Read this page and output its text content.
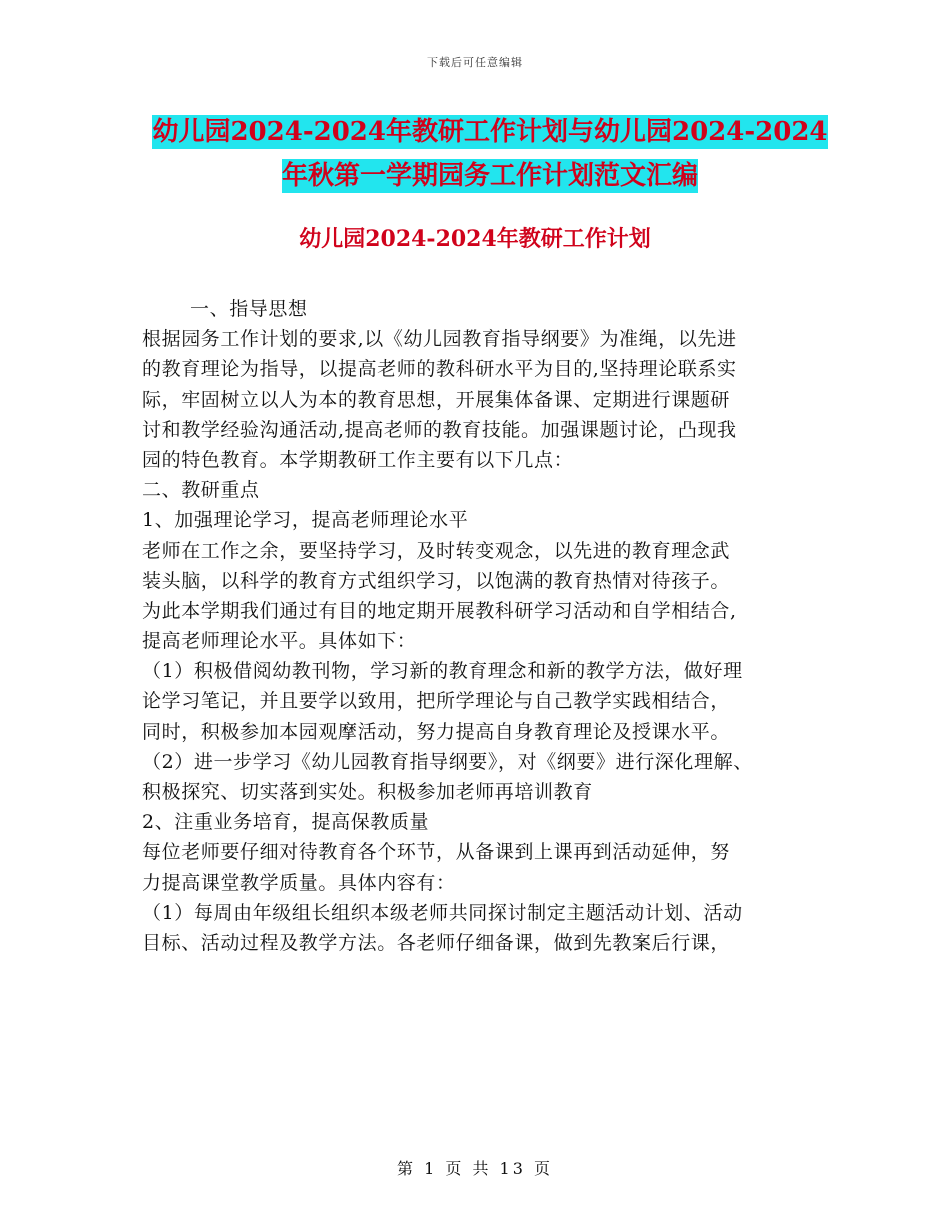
下载后可任意编辑
幼儿园2024-2024年教研工作计划与幼儿园2024-2024
年秋第一学期园务工作计划范文汇编
幼儿园2024-2024年教研工作计划
一、指导思想
根据园务工作计划的要求,以《幼儿园教育指导纲要》为准绳，以先进
的教育理论为指导，以提高老师的教科研水平为目的,坚持理论联系实
际，牢固树立以人为本的教育思想，开展集体备课、定期进行课题研
讨和教学经验沟通活动,提高老师的教育技能。加强课题讨论，凸现我
园的特色教育。本学期教研工作主要有以下几点：
二、教研重点
1、加强理论学习，提高老师理论水平
老师在工作之余，要坚持学习，及时转变观念，以先进的教育理念武
装头脑，以科学的教育方式组织学习，以饱满的教育热情对待孩子。
为此本学期我们通过有目的地定期开展教科研学习活动和自学相结合,
提高老师理论水平。具体如下：
（1）积极借阅幼教刊物，学习新的教育理念和新的教学方法，做好理
论学习笔记，并且要学以致用，把所学理论与自己教学实践相结合，
同时，积极参加本园观摩活动，努力提高自身教育理论及授课水平。
（2）进一步学习《幼儿园教育指导纲要》，对《纲要》进行深化理解、
积极探究、切实落到实处。积极参加老师再培训教育
2、注重业务培育，提高保教质量
每位老师要仔细对待教育各个环节，从备课到上课再到活动延伸，努
力提高课堂教学质量。具体内容有：
（1）每周由年级组长组织本级老师共同探讨制定主题活动计划、活动
目标、活动过程及教学方法。各老师仔细备课，做到先教案后行课，
第 1 页 共 13 页
